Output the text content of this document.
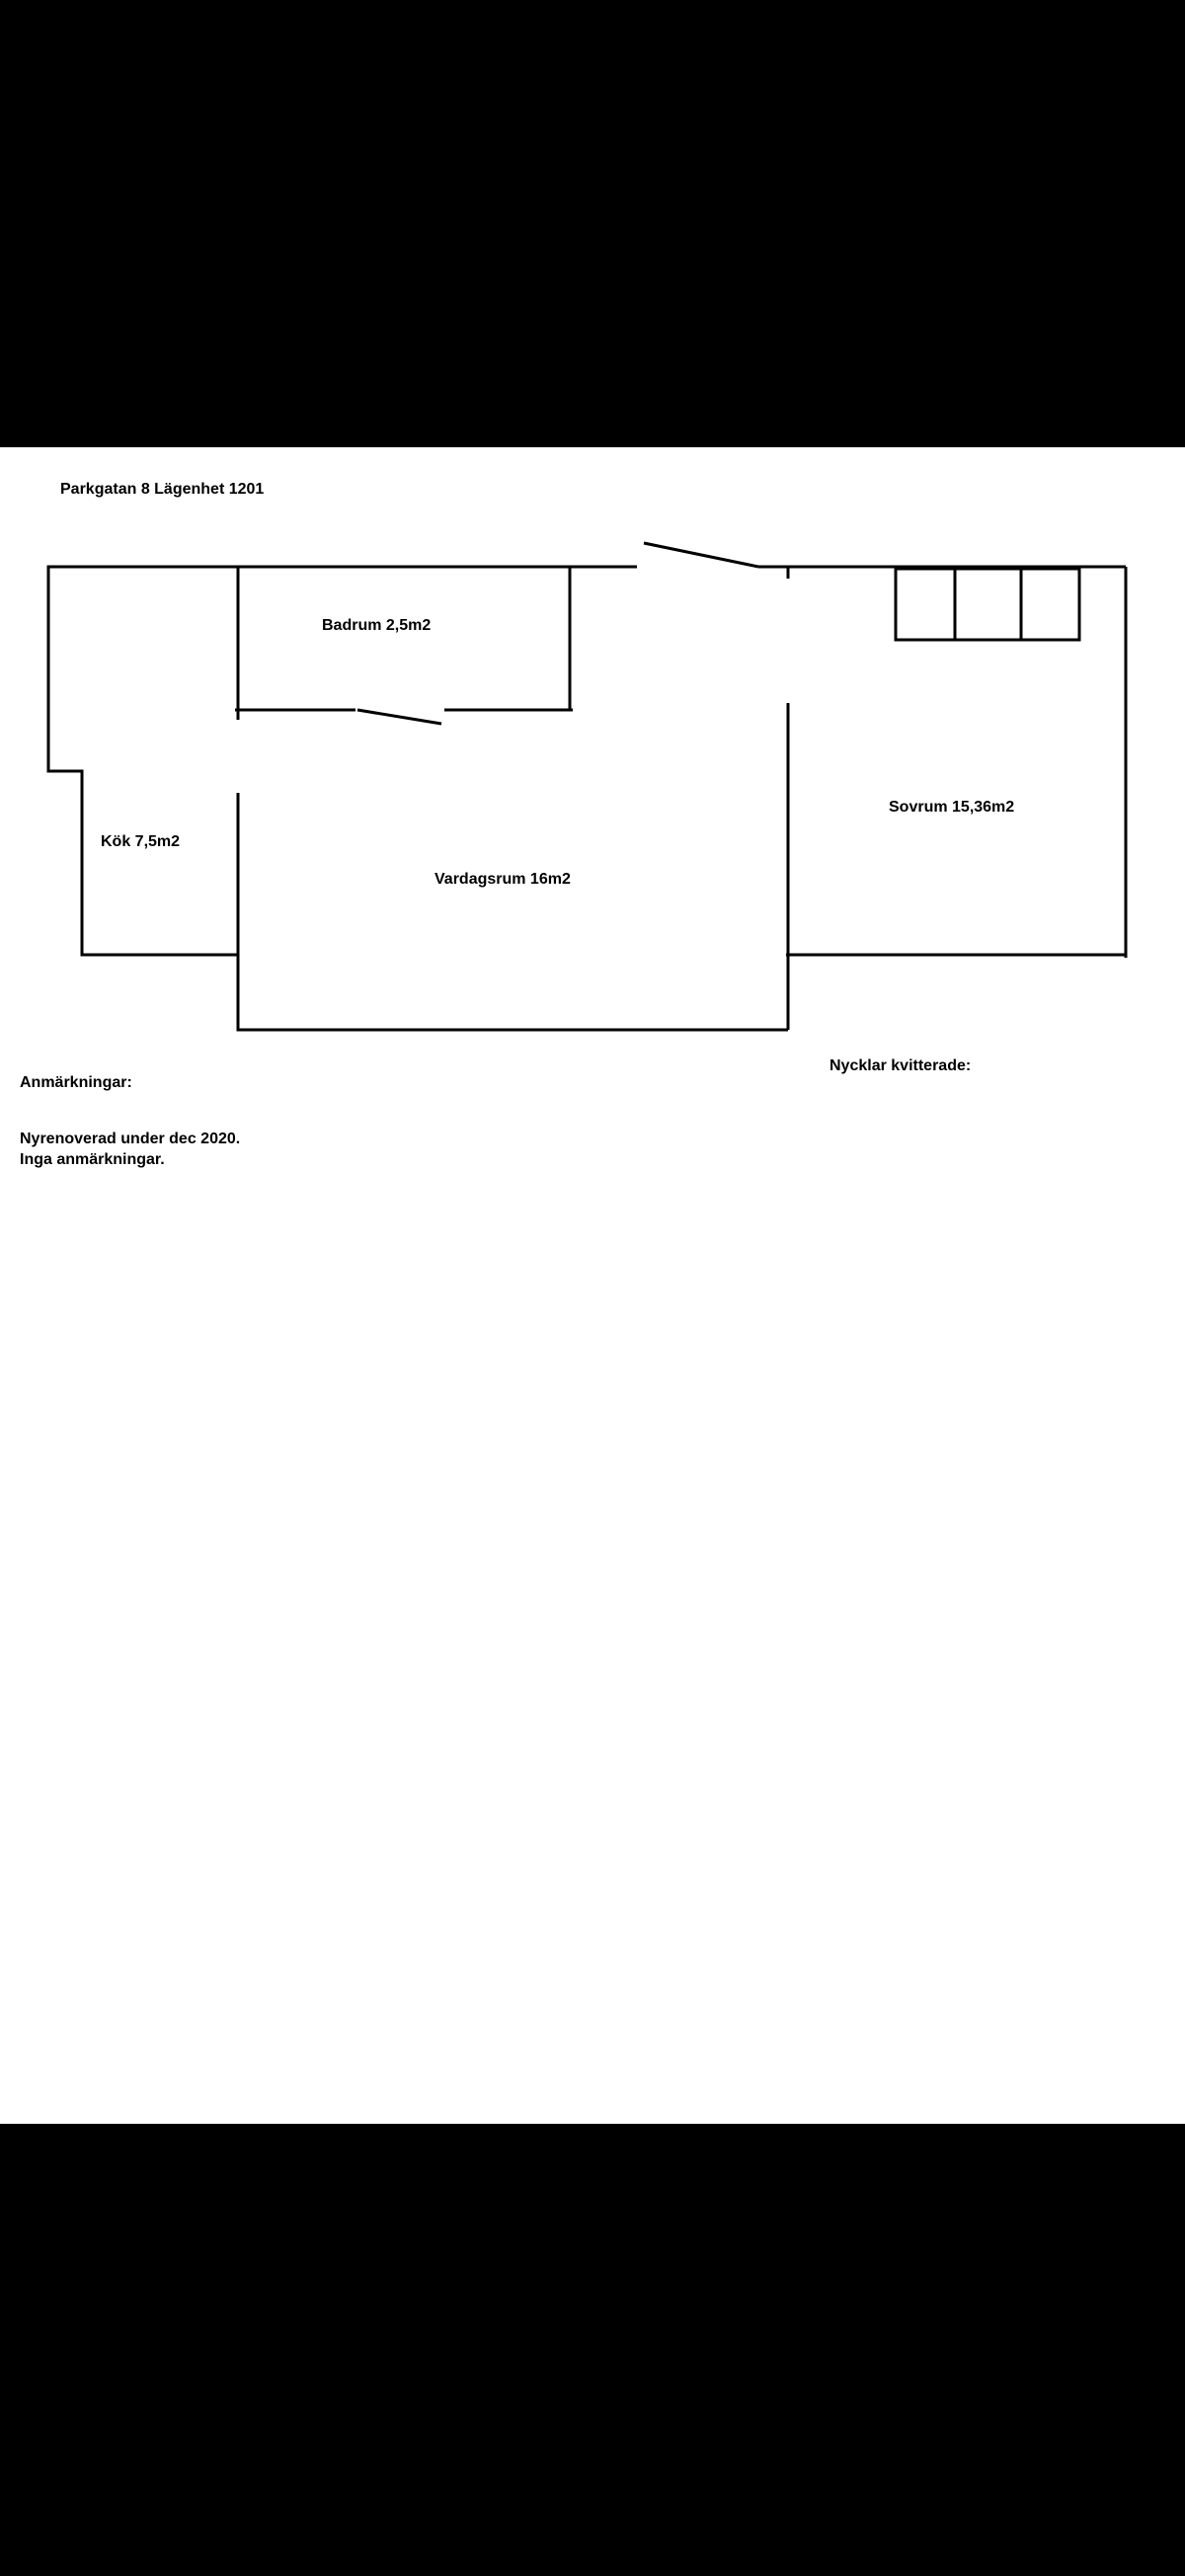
Parkgatan 8 Lägenhet 1201
Badrum 2,5m2
Kök 7,5m2
Vardagsrum 16m2
Sovrum 15,36m2
Anmärkningar:
Nycklar kvitterade:
Nyrenoverad under dec 2020.
Inga anmärkningar.
